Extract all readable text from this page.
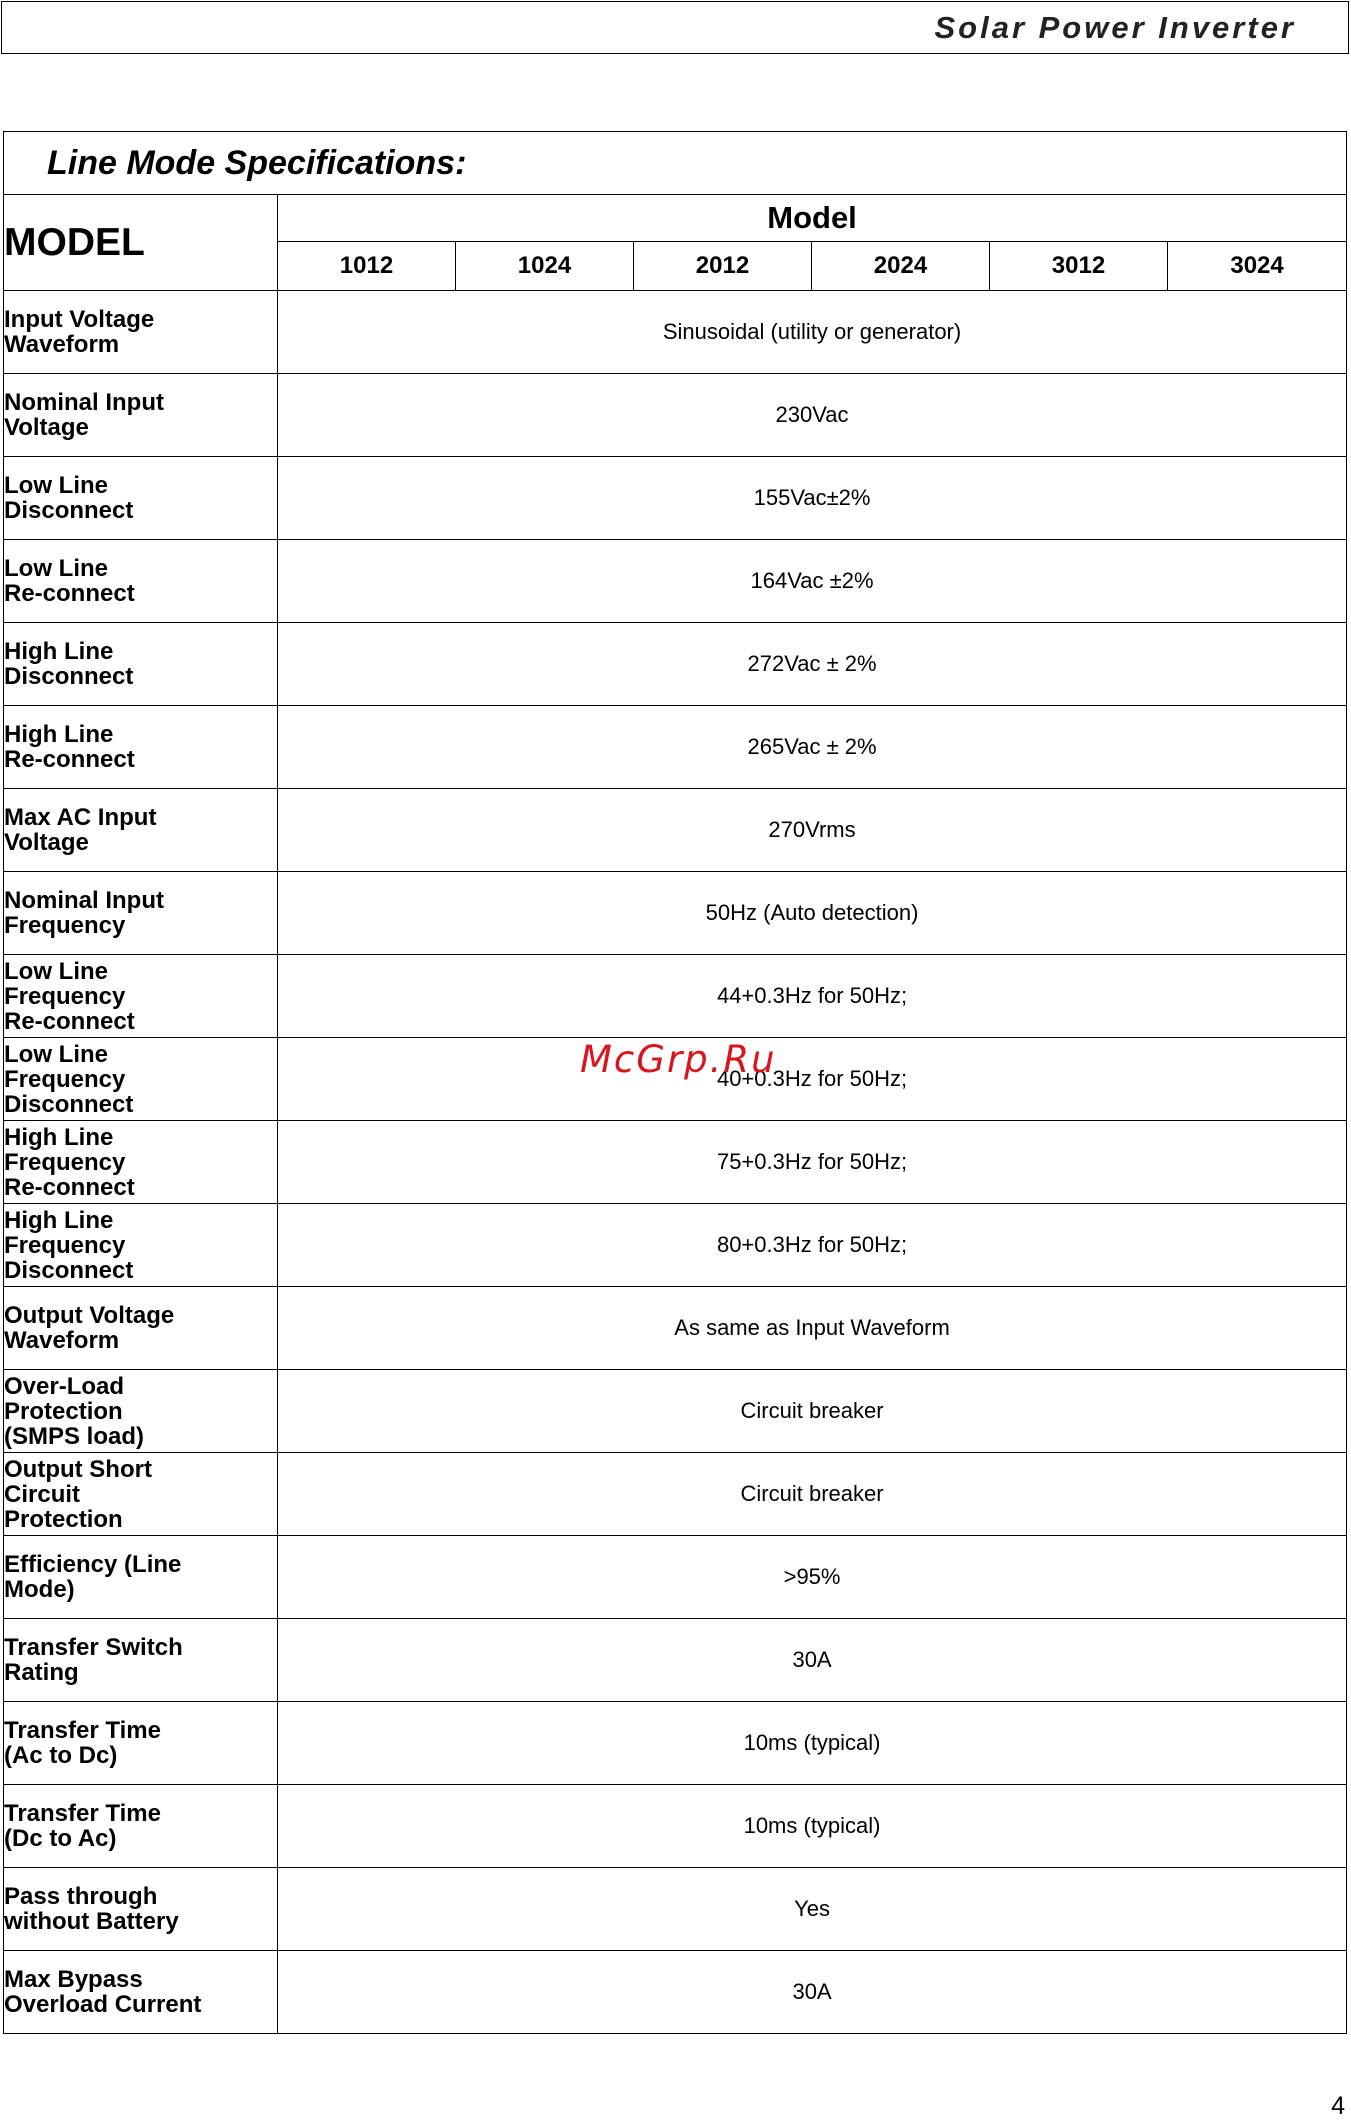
Solar Power Inverter
Line Mode Specifications:						
MODEL	Model					
	1012	1024	2012	2024	3012	3024
Input Voltage
Waveform	Sinusoidal (utility or generator)					
Nominal Input
Voltage	230Vac					
Low Line
Disconnect	155Vac±2%					
Low Line
Re-connect	164Vac ±2%					
High Line
Disconnect	272Vac ± 2%					
High Line
Re-connect	265Vac ± 2%					
Max AC Input
Voltage	270Vrms					
Nominal Input
Frequency	50Hz (Auto detection)					
Low Line
Frequency
Re-connect	44+0.3Hz for 50Hz;					
Low Line
Frequency
Disconnect	40+0.3Hz for 50Hz;					
High Line
Frequency
Re-connect	75+0.3Hz for 50Hz;					
High Line
Frequency
Disconnect	80+0.3Hz for 50Hz;					
Output Voltage
Waveform	As same as Input Waveform					
Over-Load
Protection
(SMPS load)	Circuit breaker					
Output Short
Circuit
Protection	Circuit breaker					
Efficiency (Line
Mode)	>95%					
Transfer Switch
Rating	30A					
Transfer Time
(Ac to Dc)	10ms (typical)					
Transfer Time
(Dc to Ac)	10ms (typical)					
Pass through
without Battery	Yes					
Max Bypass
Overload Current	30A					
McGrp.Ru
4
